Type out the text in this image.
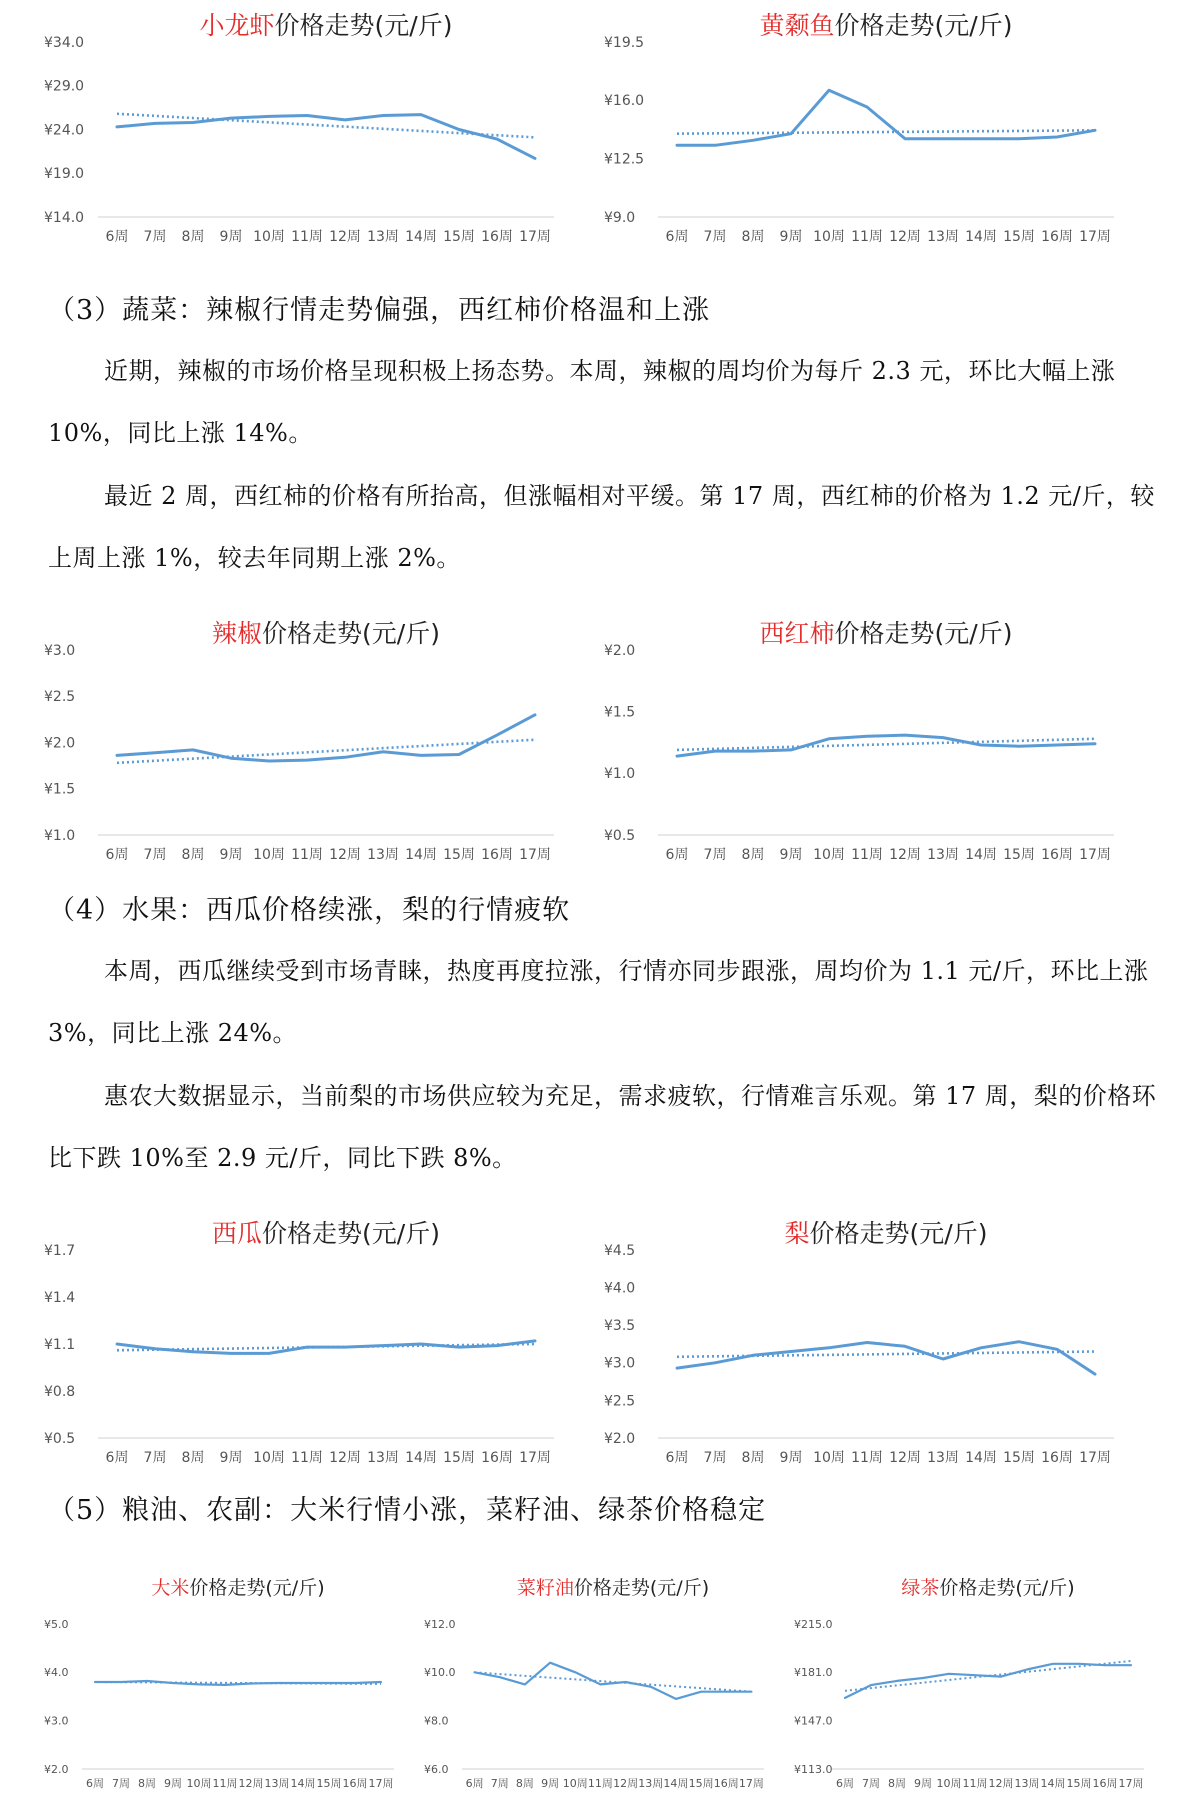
小龙虾价格走势(元/斤)
¥34.0
¥29.0
¥24.0
¥19.0
¥14.0
6周 7周 8周 9周 10周 11周 12周 13周 14周 15周 16周 17周
黄颡鱼价格走势(元/斤)
¥19.5
¥16.0
¥12.5
¥9.0
6周 7周 8周 9周 10周 11周 12周 13周 14周 15周 16周 17周
（3）蔬菜：辣椒行情走势偏强，西红柿价格温和上涨

近期，辣椒的市场价格呈现积极上扬态势。本周，辣椒的周均价为每斤 2.3 元，环比大幅上涨 10%，同比上涨 14%。

最近 2 周，西红柿的价格有所抬高，但涨幅相对平缓。第 17 周，西红柿的价格为 1.2 元/斤，较上周上涨 1%，较去年同期上涨 2%。

辣椒价格走势(元/斤)
¥3.0
¥2.5
¥2.0
¥1.5
¥1.0
6周 7周 8周 9周 10周 11周 12周 13周 14周 15周 16周 17周
西红柿价格走势(元/斤)
¥2.0
¥1.5
¥1.0
¥0.5
6周 7周 8周 9周 10周 11周 12周 13周 14周 15周 16周 17周
（4）水果：西瓜价格续涨，梨的行情疲软

本周，西瓜继续受到市场青睐，热度再度拉涨，行情亦同步跟涨，周均价为 1.1 元/斤，环比上涨 3%，同比上涨 24%。

惠农大数据显示，当前梨的市场供应较为充足，需求疲软，行情难言乐观。第 17 周，梨的价格环比下跌 10%至 2.9 元/斤，同比下跌 8%。

西瓜价格走势(元/斤)
¥1.7
¥1.4
¥1.1
¥0.8
¥0.5
6周 7周 8周 9周 10周 11周 12周 13周 14周 15周 16周 17周
梨价格走势(元/斤)
¥4.5
¥4.0
¥3.5
¥3.0
¥2.5
¥2.0
6周 7周 8周 9周 10周 11周 12周 13周 14周 15周 16周 17周
（5）粮油、农副：大米行情小涨，菜籽油、绿茶价格稳定
大米价格走势(元/斤)
¥5.0
¥4.0
¥3.0
¥2.0
6周 7周 8周 9周 10周 11周 12周 13周 14周 15周 16周 17周
菜籽油价格走势(元/斤)
¥12.0
¥10.0
¥8.0
¥6.0
6周 7周 8周 9周 10周 11周 12周 13周 14周 15周 16周 17周
绿茶价格走势(元/斤)
¥215.0
¥181.0
¥147.0
¥113.0
6周 7周 8周 9周 10周 11周 12周 13周 14周 15周 16周 17周
